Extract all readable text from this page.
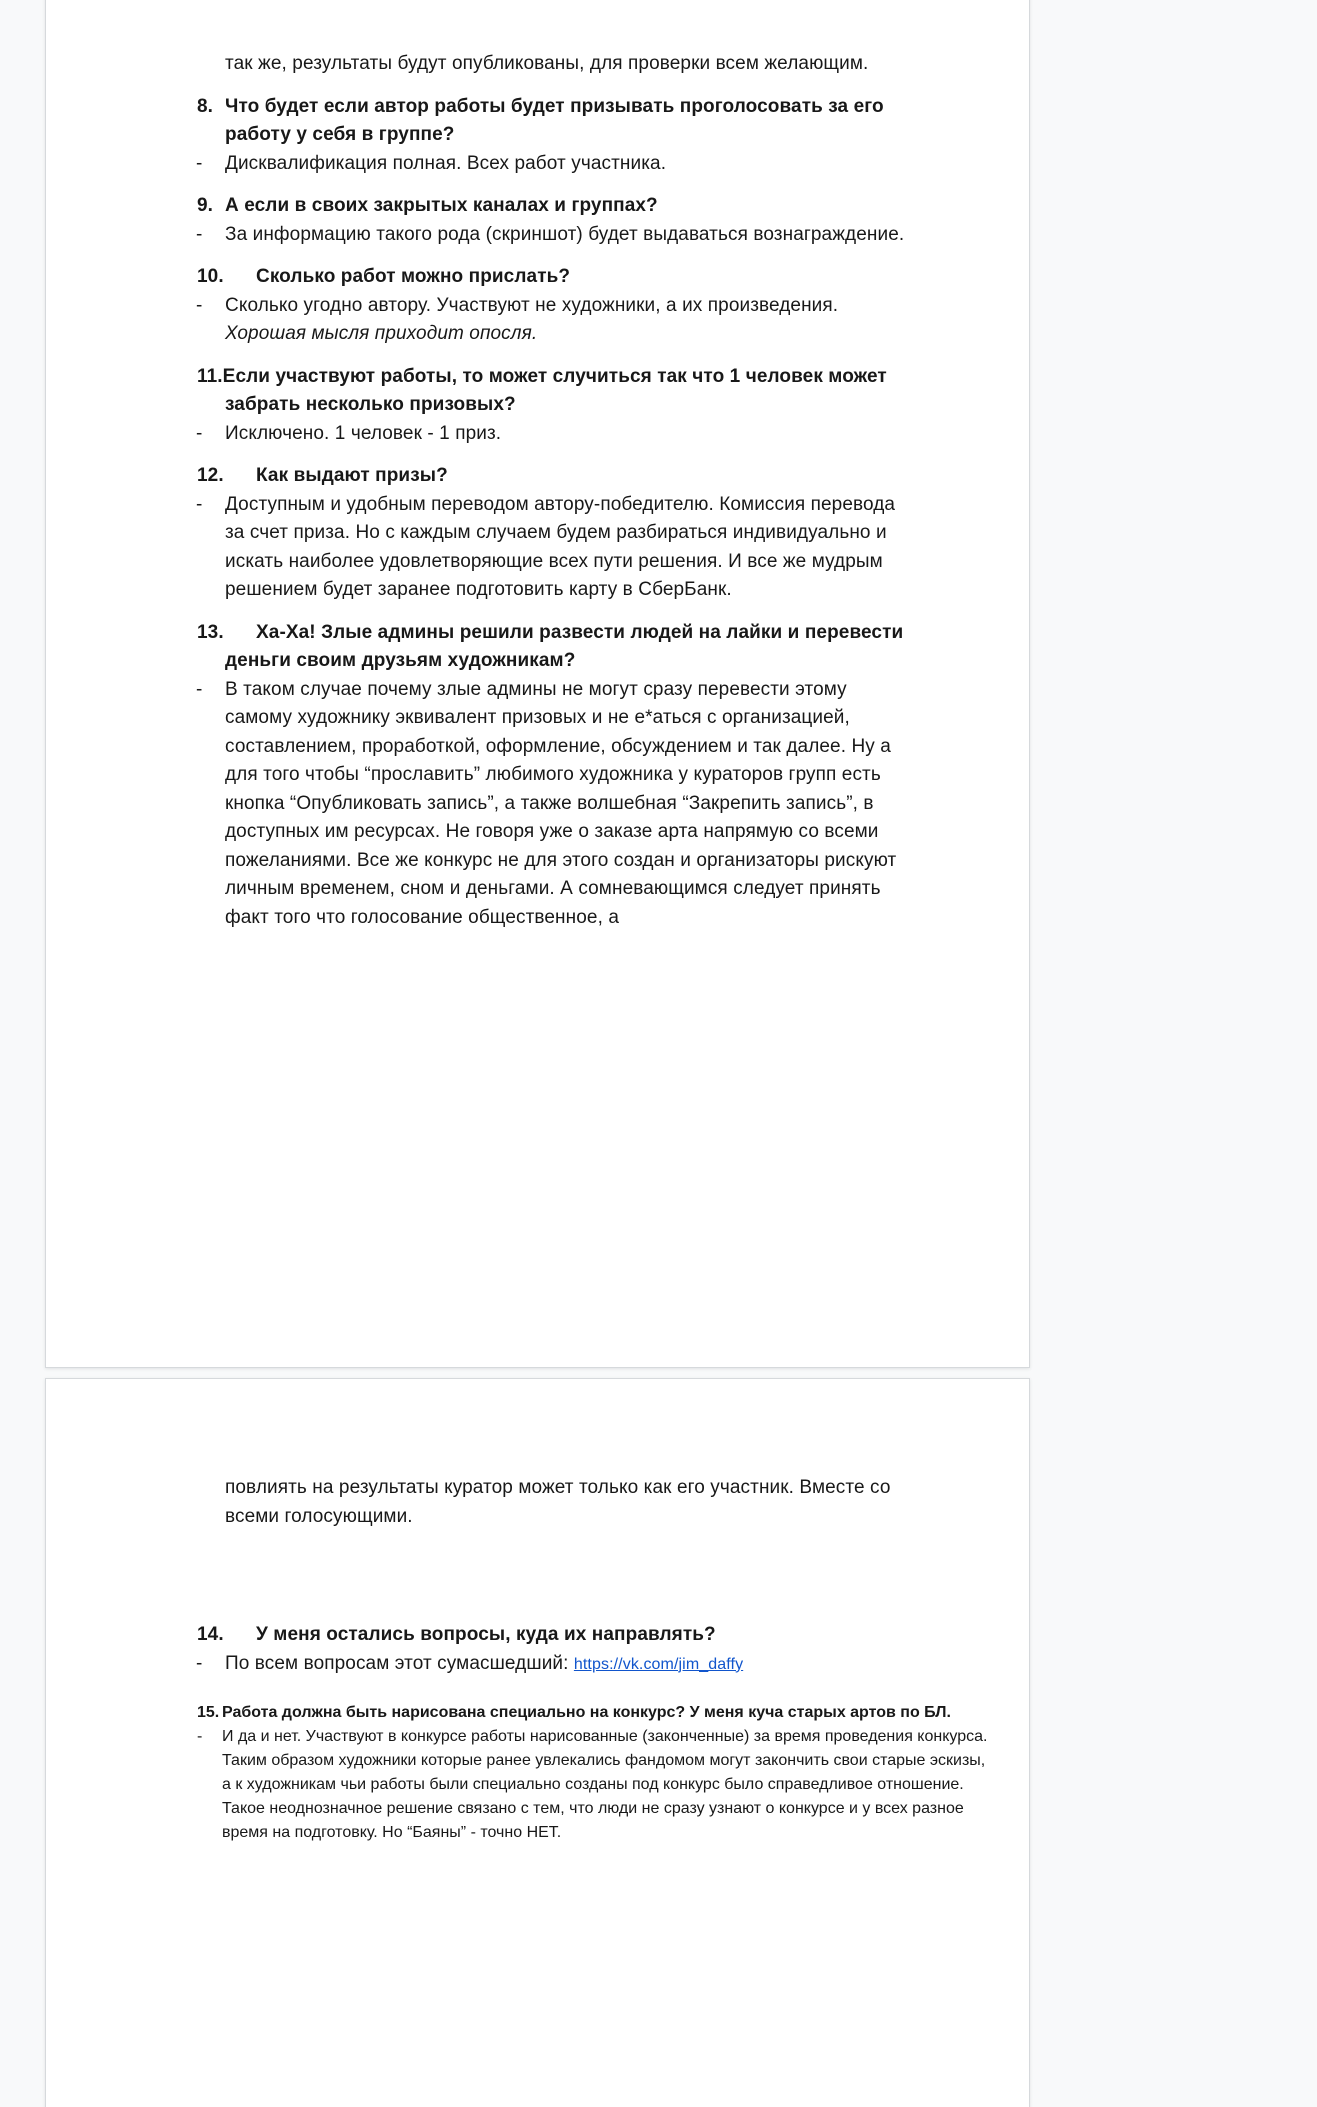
так же, результаты будут опубликованы, для проверки всем желающим.
8. Что будет если автор работы будет призывать проголосовать за его работу у себя в группе?
- Дисквалификация полная. Всех работ участника.
9. А если в своих закрытых каналах и группах?
- За информацию такого рода (скриншот) будет выдаваться вознаграждение.
10. Сколько работ можно прислать?
- Сколько угодно автору. Участвуют не художники, а их произведения.
Хорошая мысля приходит опосля.
11.Если участвуют работы, то может случиться так что 1 человек может забрать несколько призовых?
- Исключено. 1 человек - 1 приз.
12. Как выдают призы?
- Доступным и удобным переводом автору-победителю. Комиссия перевода за счет приза. Но с каждым случаем будем разбираться индивидуально и искать наиболее удовлетворяющие всех пути решения. И все же мудрым решением будет заранее подготовить карту в СберБанк.
13. Ха-Ха! Злые админы решили развести людей на лайки и перевести деньги своим друзьям художникам?
- В таком случае почему злые админы не могут сразу перевести этому самому художнику эквивалент призовых и не е*аться с организацией, составлением, проработкой, оформление, обсуждением и так далее. Ну а для того чтобы “прославить” любимого художника у кураторов групп есть кнопка “Опубликовать запись”, а также волшебная “Закрепить запись”, в доступных им ресурсах. Не говоря уже о заказе арта напрямую со всеми пожеланиями. Все же конкурс не для этого создан и организаторы рискуют личным временем, сном и деньгами. А сомневающимся следует принять факт того что голосование общественное, а
повлиять на результаты куратор может только как его участник. Вместе со всеми голосующими.
14. У меня остались вопросы, куда их направлять?
- По всем вопросам этот сумасшедший: https://vk.com/jim_daffy
15. Работа должна быть нарисована специально на конкурс? У меня куча старых артов по БЛ.
- И да и нет. Участвуют в конкурсе работы нарисованные (законченные) за время проведения конкурса. Таким образом художники которые ранее увлекались фандомом могут закончить свои старые эскизы, а к художникам чьи работы были специально созданы под конкурс было справедливое отношение. Такое неоднозначное решение связано с тем, что люди не сразу узнают о конкурсе и у всех разное время на подготовку. Но “Баяны” - точно НЕТ.
